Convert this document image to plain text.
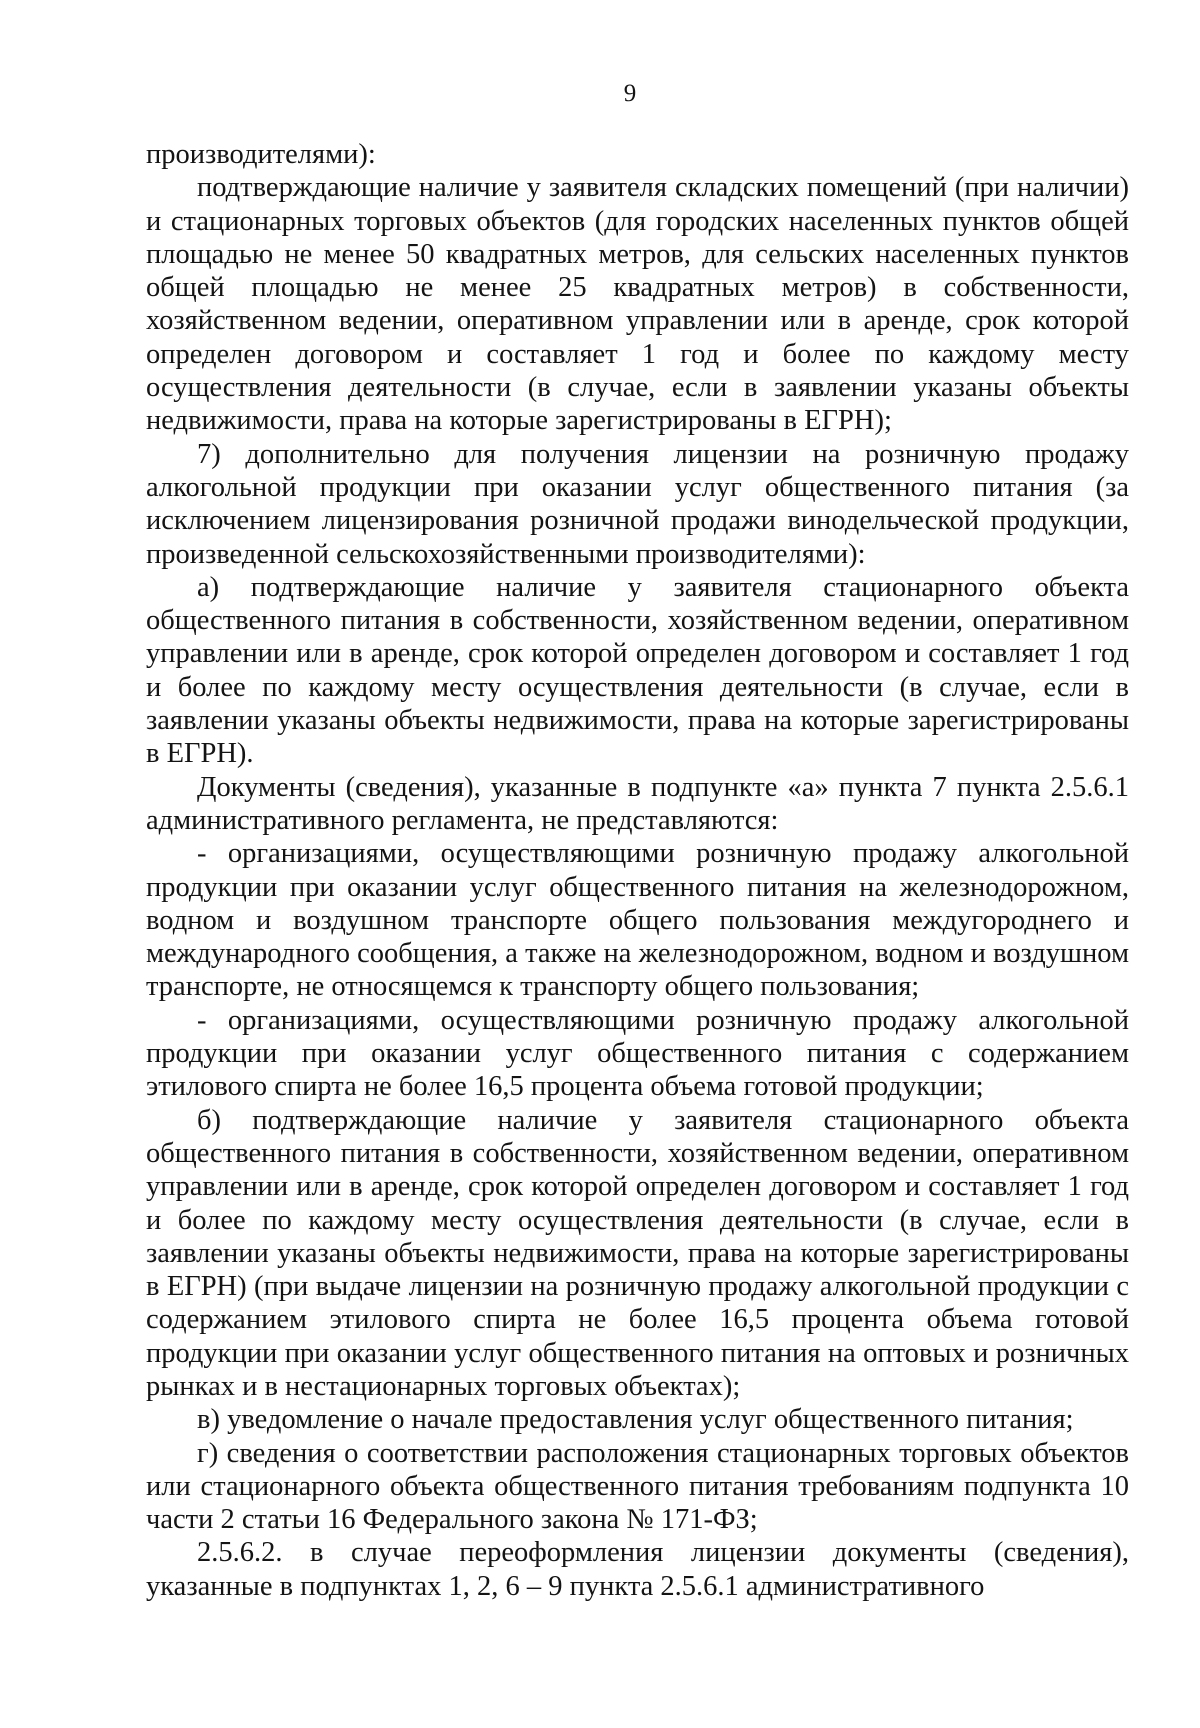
9

производителями):

подтверждающие наличие у заявителя складских помещений (при наличии) и стационарных торговых объектов (для городских населенных пунктов общей площадью не менее 50 квадратных метров, для сельских населенных пунктов общей площадью не менее 25 квадратных метров) в собственности, хозяйственном ведении, оперативном управлении или в аренде, срок которой определен договором и составляет 1 год и более по каждому месту осуществления деятельности (в случае, если в заявлении указаны объекты недвижимости, права на которые зарегистрированы в ЕГРН);

7) дополнительно для получения лицензии на розничную продажу алкогольной продукции при оказании услуг общественного питания (за исключением лицензирования розничной продажи винодельческой продукции, произведенной сельскохозяйственными производителями):

а) подтверждающие наличие у заявителя стационарного объекта общественного питания в собственности, хозяйственном ведении, оперативном управлении или в аренде, срок которой определен договором и составляет 1 год и более по каждому месту осуществления деятельности (в случае, если в заявлении указаны объекты недвижимости, права на которые зарегистрированы в ЕГРН).

Документы (сведения), указанные в подпункте «а» пункта 7 пункта 2.5.6.1 административного регламента, не представляются:

- организациями, осуществляющими розничную продажу алкогольной продукции при оказании услуг общественного питания на железнодорожном, водном и воздушном транспорте общего пользования междугороднего и международного сообщения, а также на железнодорожном, водном и воздушном транспорте, не относящемся к транспорту общего пользования;

- организациями, осуществляющими розничную продажу алкогольной продукции при оказании услуг общественного питания с содержанием этилового спирта не более 16,5 процента объема готовой продукции;

б) подтверждающие наличие у заявителя стационарного объекта общественного питания в собственности, хозяйственном ведении, оперативном управлении или в аренде, срок которой определен договором и составляет 1 год и более по каждому месту осуществления деятельности (в случае, если в заявлении указаны объекты недвижимости, права на которые зарегистрированы в ЕГРН) (при выдаче лицензии на розничную продажу алкогольной продукции с содержанием этилового спирта не более 16,5 процента объема готовой продукции при оказании услуг общественного питания на оптовых и розничных рынках и в нестационарных торговых объектах);

в) уведомление о начале предоставления услуг общественного питания;

г) сведения о соответствии расположения стационарных торговых объектов или стационарного объекта общественного питания требованиям подпункта 10 части 2 статьи 16 Федерального закона № 171-ФЗ;

2.5.6.2. в случае переоформления лицензии документы (сведения), указанные в подпунктах 1, 2, 6 – 9 пункта 2.5.6.1 административного
